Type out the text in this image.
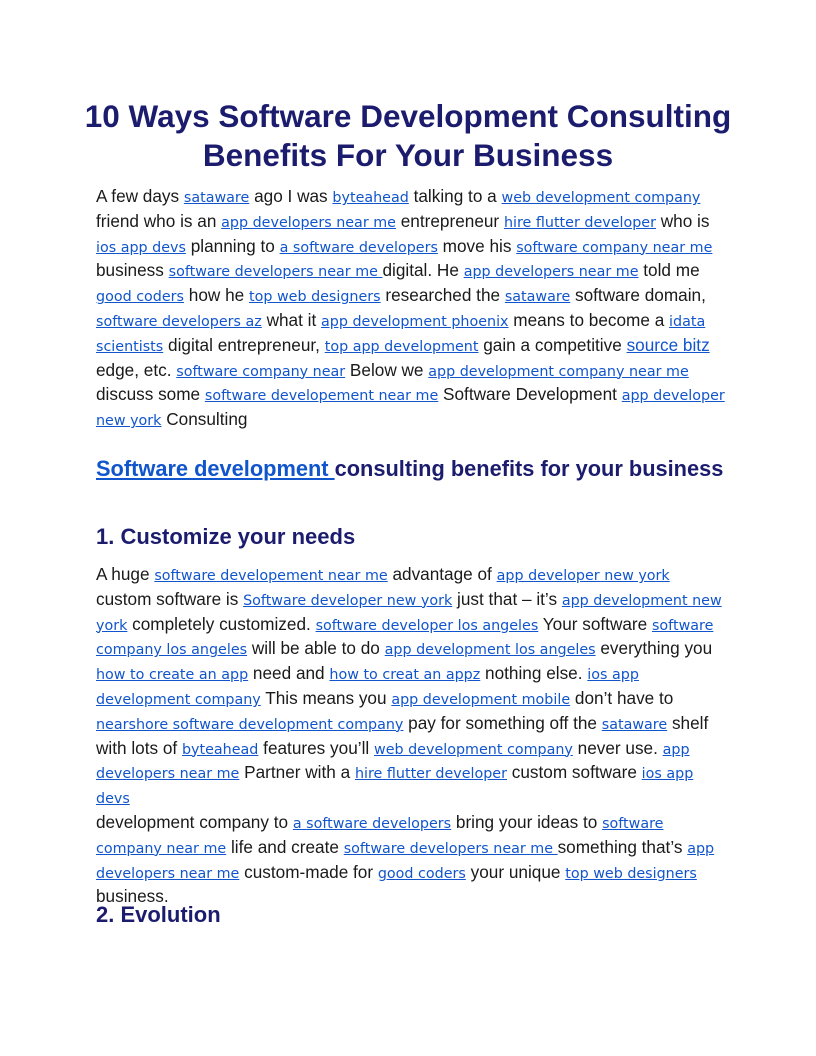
10 Ways Software Development Consulting Benefits For Your Business

A few days sataware ago I was byteahead talking to a web development company friend who is an app developers near me entrepreneur hire flutter developer who is ios app devs planning to a software developers move his software company near me business software developers near me digital. He app developers near me told me good coders how he top web designers researched the sataware software domain, software developers az what it app development phoenix means to become a idata scientists digital entrepreneur, top app development gain a competitive source bitz edge, etc. software company near Below we app development company near me discuss some software developement near me Software Development app developer new york Consulting

Software development consulting benefits for your business
1. Customize your needs

A huge software developement near me advantage of app developer new york custom software is Software developer new york just that – it’s app development new york completely customized. software developer los angeles Your software software company los angeles will be able to do app development los angeles everything you how to create an app need and how to creat an appz nothing else. ios app development company This means you app development mobile don’t have to nearshore software development company pay for something off the sataware shelf with lots of byteahead features you’ll web development company never use. app developers near me Partner with a hire flutter developer custom software ios app devs
development company to a software developers bring your ideas to software company near me life and create software developers near me something that’s app developers near me custom-made for good coders your unique top web designers business.

2. Evolution
